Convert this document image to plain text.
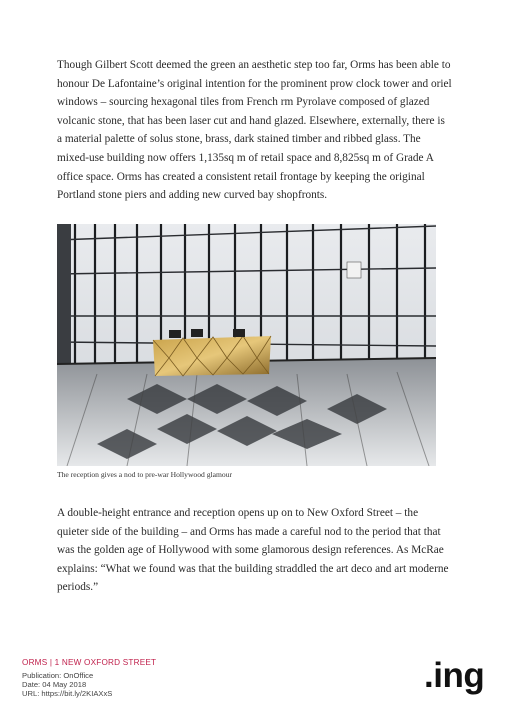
Though Gilbert Scott deemed the green an aesthetic step too far, Orms has been able to honour De Lafontaine’s original intention for the prominent prow clock tower and oriel windows – sourcing hexagonal tiles from French rm Pyrolave composed of glazed volcanic stone, that has been laser cut and hand glazed. Elsewhere, externally, there is a material palette of solus stone, brass, dark stained timber and ribbed glass. The mixed-use building now offers 1,135sq m of retail space and 8,825sq m of Grade A office space. Orms has created a consistent retail frontage by keeping the original Portland stone piers and adding new curved bay shopfronts.

The reception gives a nod to pre-war Hollywood glamour

A double-height entrance and reception opens up on to New Oxford Street – the quieter side of the building – and Orms has made a careful nod to the period that that was the golden age of Hollywood with some glamorous design references. As McRae explains: “What we found was that the building straddled the art deco and art moderne periods.”

ORMS | 1 NEW OXFORD STREET
Publication: OnOffice
Date: 04 May 2018
URL: https://bit.ly/2KIAXxS	.ing
